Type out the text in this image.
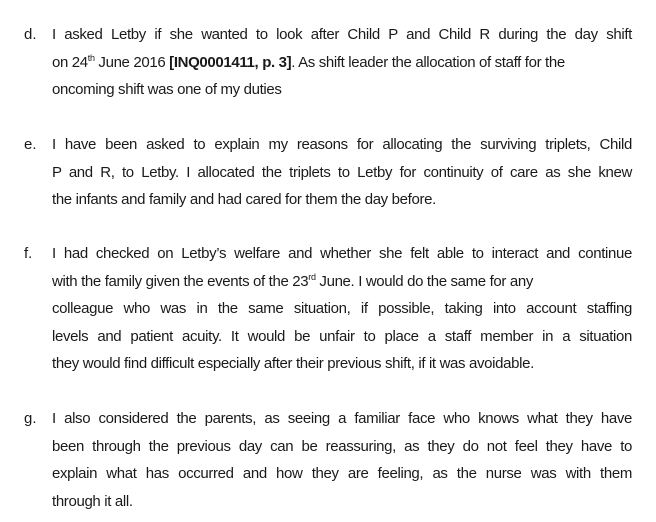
d.	I asked Letby if she wanted to look after Child P and Child R during the day shift
on 24th June 2016 [INQ0001411, p. 3]. As shift leader the allocation of staff for the
oncoming shift was one of my duties
e.	I have been asked to explain my reasons for allocating the surviving triplets, Child
P and R, to Letby. I allocated the triplets to Letby for continuity of care as she knew
the infants and family and had cared for them the day before.
f.	I had checked on Letby’s welfare and whether she felt able to interact and continue
with the family given the events of the 23rd June. I would do the same for any
colleague who was in the same situation, if possible, taking into account staffing
levels and patient acuity. It would be unfair to place a staff member in a situation
they would find difficult especially after their previous shift, if it was avoidable.
g.	I also considered the parents, as seeing a familiar face who knows what they have
been through the previous day can be reassuring, as they do not feel they have to
explain what has occurred and how they are feeling, as the nurse was with them
through it all.
